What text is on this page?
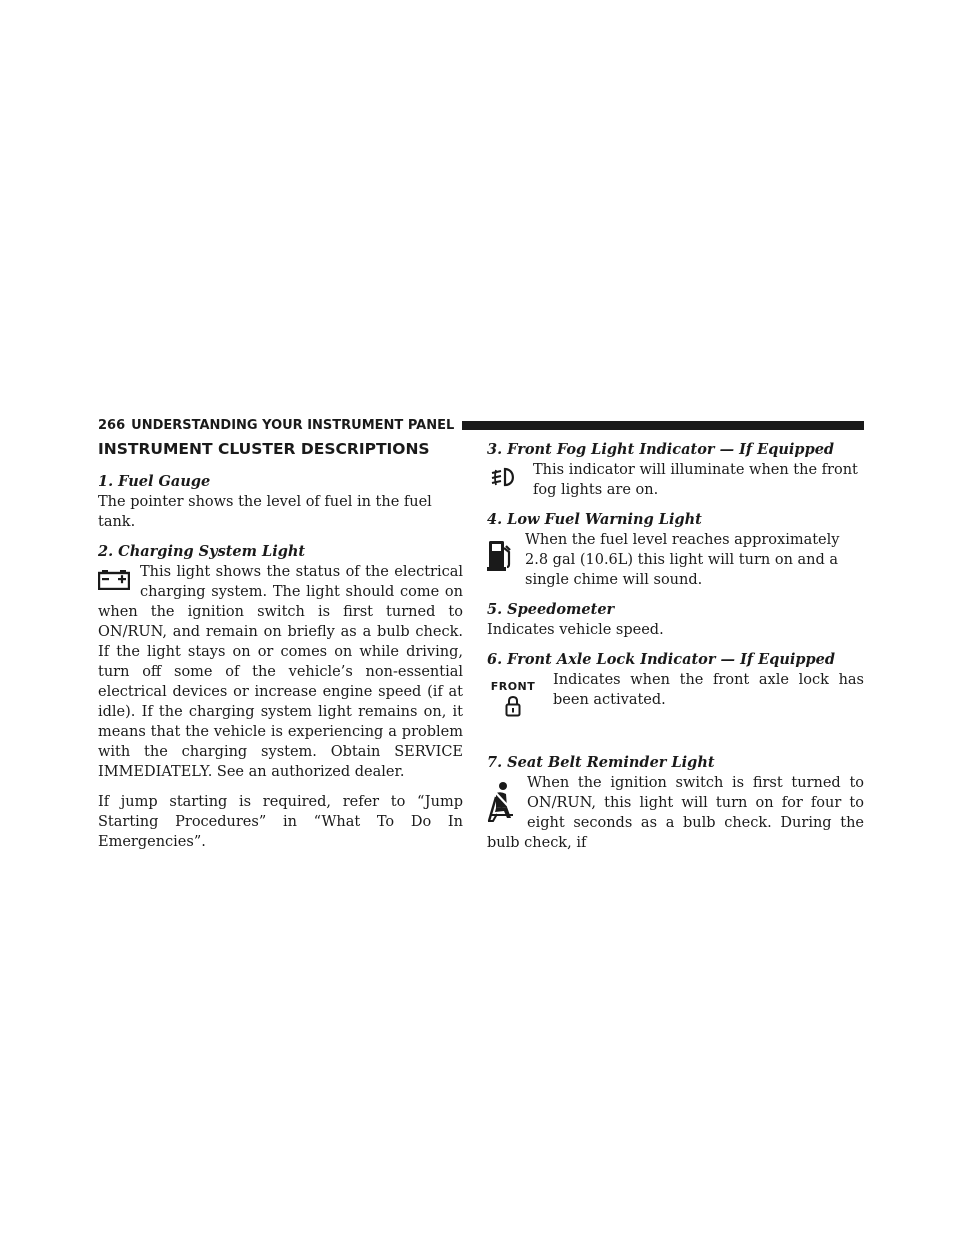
266 UNDERSTANDING YOUR INSTRUMENT PANEL
INSTRUMENT CLUSTER DESCRIPTIONS

1. Fuel Gauge

The pointer shows the level of fuel in the fuel tank.

2. Charging System Light

This light shows the status of the electrical charging system. The light should come on when the ignition switch is first turned to ON/RUN, and remain on briefly as a bulb check. If the light stays on or comes on while driving, turn off some of the vehicle’s non-essential electrical devices or increase engine speed (if at idle). If the charging system light remains on, it means that the vehicle is experiencing a problem with the charging system. Obtain SERVICE IMMEDIATELY. See an authorized dealer.

If jump starting is required, refer to “Jump Starting Procedures” in “What To Do In Emergencies”.

3. Front Fog Light Indicator — If Equipped

This indicator will illuminate when the front fog lights are on.

4. Low Fuel Warning Light

When the fuel level reaches approximately 2.8 gal (10.6L) this light will turn on and a single chime will sound.

5. Speedometer

Indicates vehicle speed.

6. Front Axle Lock Indicator — If Equipped

FRONT	Indicates when the front axle lock has been activated.

7. Seat Belt Reminder Light

When the ignition switch is first turned to ON/RUN, this light will turn on for four to eight seconds as a bulb check. During the bulb check, if
